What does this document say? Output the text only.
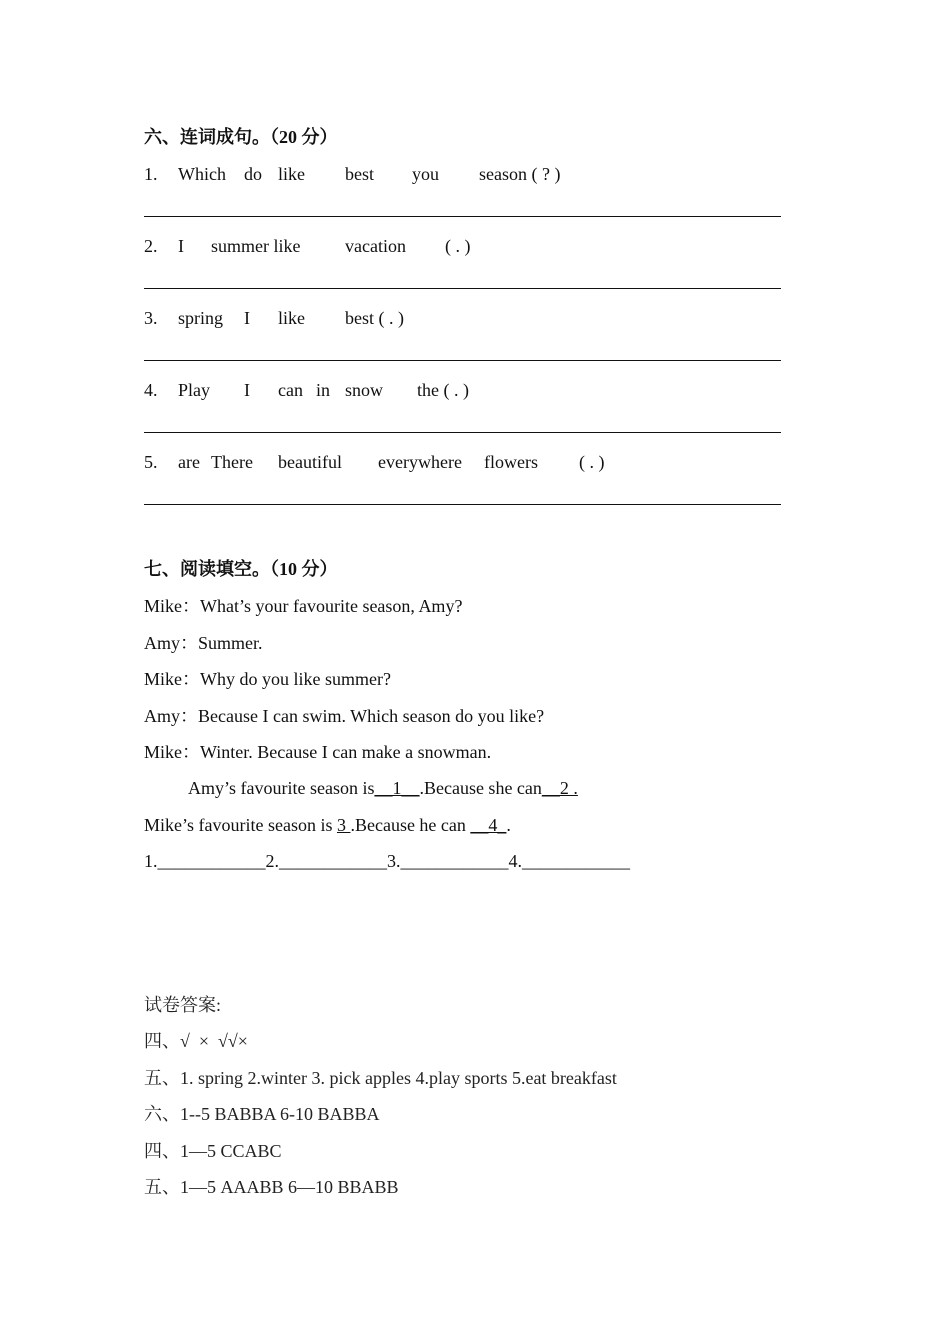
六、连词成句。（20 分）
1. Which do like best you season ( ? )
2. I summer like vacation ( . )
3. spring I like best ( . )
4. Play I can in snow the ( . )
5. are There beautiful everywhere flowers ( . )
七、阅读填空。（10 分）
Mike：What’s your favourite season, Amy?
Amy：Summer.
Mike：Why do you like summer?
Amy：Because I can swim. Which season do you like?
Mike：Winter. Because I can make a snowman.
Amy’s favourite season is__1__.Because she can__2 .
Mike’s favourite season is 3 .Because he can __4_.
1.____________2.____________3.____________4.____________
试卷答案:
四、√  ×  √√×
五、1. spring 2.winter 3. pick apples 4.play sports 5.eat breakfast
六、1--5 BABBA 6-10 BABBA
四、1—5 CCABC
五、1—5 AAABB 6—10 BBABB
